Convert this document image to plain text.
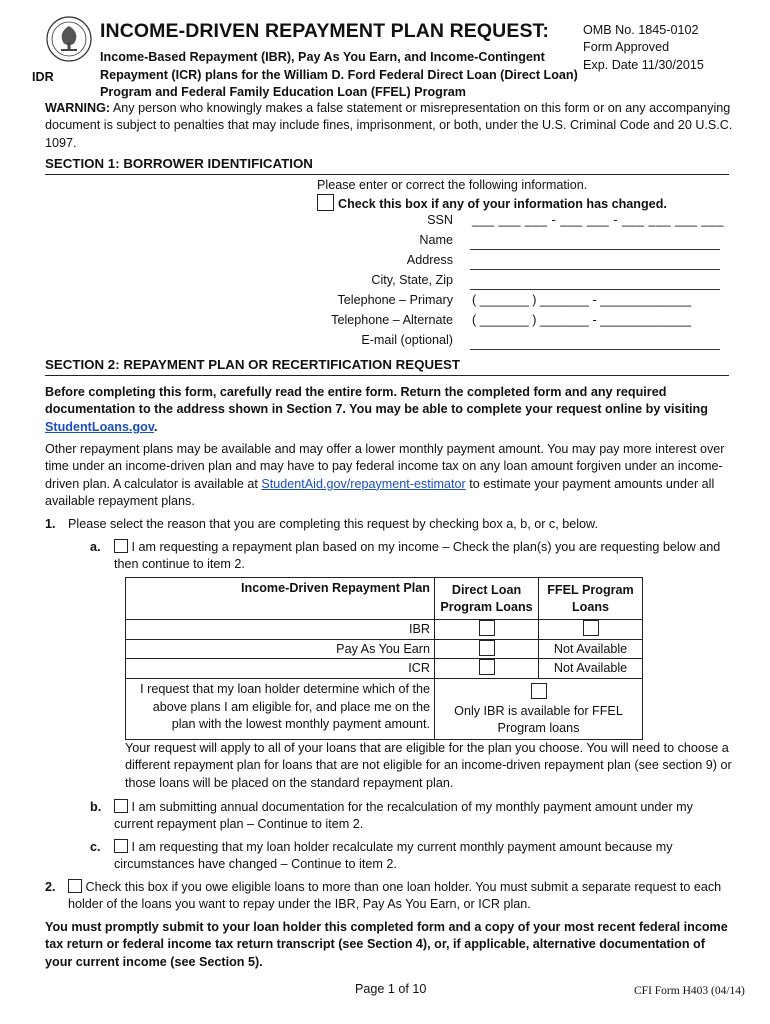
INCOME-DRIVEN REPAYMENT PLAN REQUEST:
Income-Based Repayment (IBR), Pay As You Earn, and Income-Contingent Repayment (ICR) plans for the William D. Ford Federal Direct Loan (Direct Loan) Program and Federal Family Education Loan (FFEL) Program
IDR
OMB No. 1845-0102
Form Approved
Exp. Date 11/30/2015
WARNING: Any person who knowingly makes a false statement or misrepresentation on this form or on any accompanying document is subject to penalties that may include fines, imprisonment, or both, under the U.S. Criminal Code and 20 U.S.C. 1097.
SECTION 1: BORROWER IDENTIFICATION
Please enter or correct the following information.
Check this box if any of your information has changed.
SSN ___ ___ ___ - ___ ___ - ___ ___ ___ ___
Name
Address
City, State, Zip
Telephone – Primary ( _______ ) _______ - _____________
Telephone – Alternate ( _______ ) _______ - _____________
E-mail (optional)
SECTION 2: REPAYMENT PLAN OR RECERTIFICATION REQUEST
Before completing this form, carefully read the entire form. Return the completed form and any required documentation to the address shown in Section 7. You may be able to complete your request online by visiting StudentLoans.gov.
Other repayment plans may be available and may offer a lower monthly payment amount. You may pay more interest over time under an income-driven plan and may have to pay federal income tax on any loan amount forgiven under an income-driven plan. A calculator is available at StudentAid.gov/repayment-estimator to estimate your payment amounts under all available repayment plans.
1. Please select the reason that you are completing this request by checking box a, b, or c, below.
a.	I am requesting a repayment plan based on my income – Check the plan(s) you are requesting below and then continue to item 2.
Income-Driven Repayment Plan	Direct Loan Program Loans	FFEL Program Loans
IBR		
Pay As You Earn		Not Available
ICR		Not Available
I request that my loan holder determine which of the above plans I am eligible for, and place me on the plan with the lowest monthly payment amount.	Only IBR is available for FFEL Program loans	
Your request will apply to all of your loans that are eligible for the plan you choose. You will need to choose a different repayment plan for loans that are not eligible for an income-driven repayment plan (see section 9) or those loans will be placed on the standard repayment plan.
b.	I am submitting annual documentation for the recalculation of my monthly payment amount under my current repayment plan – Continue to item 2.
c.	I am requesting that my loan holder recalculate my current monthly payment amount because my circumstances have changed – Continue to item 2.
2.	Check this box if you owe eligible loans to more than one loan holder. You must submit a separate request to each holder of the loans you want to repay under the IBR, Pay As You Earn, or ICR plan.
You must promptly submit to your loan holder this completed form and a copy of your most recent federal income tax return or federal income tax return transcript (see Section 4), or, if applicable, alternative documentation of your current income (see Section 5).
Page 1 of 10	CFI Form H403 (04/14)
